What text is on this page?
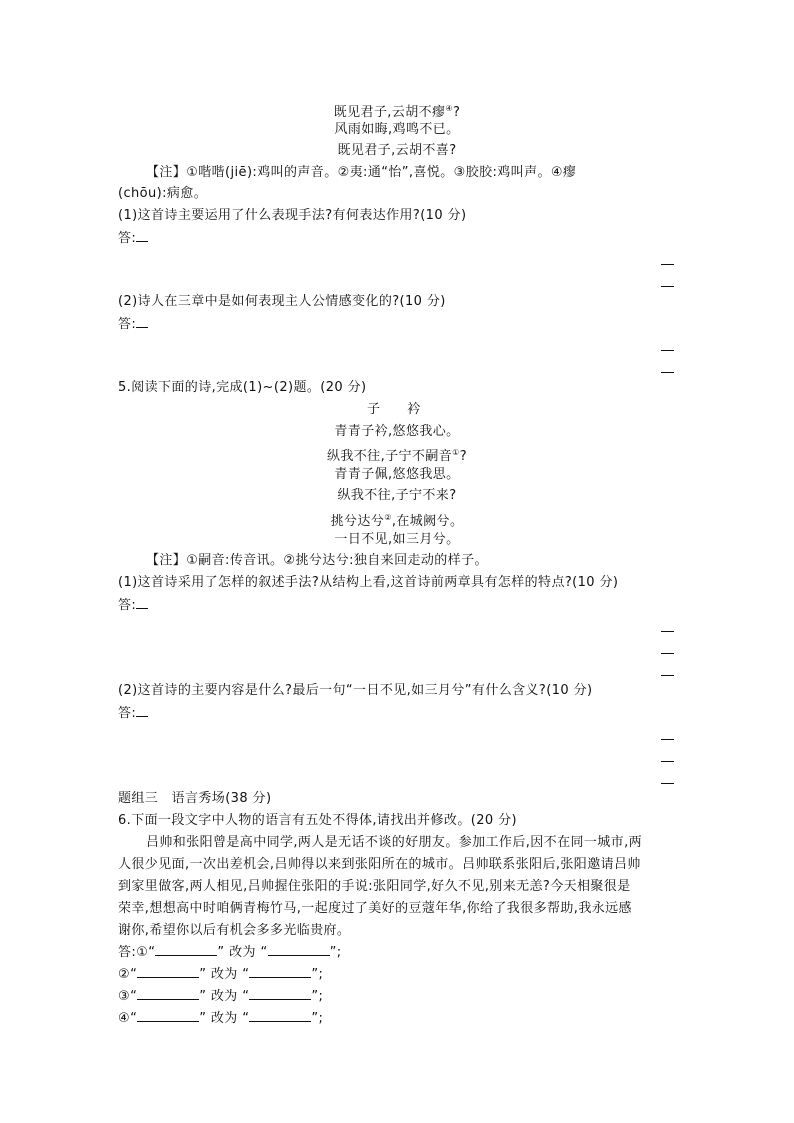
既见君子,云胡不瘳④?
风雨如晦,鸡鸣不已。
既见君子,云胡不喜?
【注】①喈喈(jiē):鸡叫的声音。②夷:通“怡”,喜悦。③胶胶:鸡叫声。④瘳
(chōu):病愈。
(1)这首诗主要运用了什么表现手法?有何表达作用?(10 分)
答:
(2)诗人在三章中是如何表现主人公情感变化的?(10 分)
答:
5.阅读下面的诗,完成(1)~(2)题。(20 分)
子　　衿
青青子衿,悠悠我心。
纵我不往,子宁不嗣音①?
青青子佩,悠悠我思。
纵我不往,子宁不来?
挑兮达兮②,在城阙兮。
一日不见,如三月兮。
【注】①嗣音:传音讯。②挑兮达兮:独自来回走动的样子。
(1)这首诗采用了怎样的叙述手法?从结构上看,这首诗前两章具有怎样的特点?(10 分)
答:
(2)这首诗的主要内容是什么?最后一句“一日不见,如三月兮”有什么含义?(10 分)
答:
题组三　语言秀场(38 分)
6.下面一段文字中人物的语言有五处不得体,请找出并修改。(20 分)
吕帅和张阳曾是高中同学,两人是无话不谈的好朋友。参加工作后,因不在同一城市,两
人很少见面,一次出差机会,吕帅得以来到张阳所在的城市。吕帅联系张阳后,张阳邀请吕帅
到家里做客,两人相见,吕帅握住张阳的手说:张阳同学,好久不见,别来无恙?今天相聚很是
荣幸,想想高中时咱俩青梅竹马,一起度过了美好的豆蔻年华,你给了我很多帮助,我永远感
谢你,希望你以后有机会多多光临贵府。
答:①“	” 改为 “	”;
②“	” 改为 “	”;
③“	” 改为 “	”;
④“	” 改为 “	”;
